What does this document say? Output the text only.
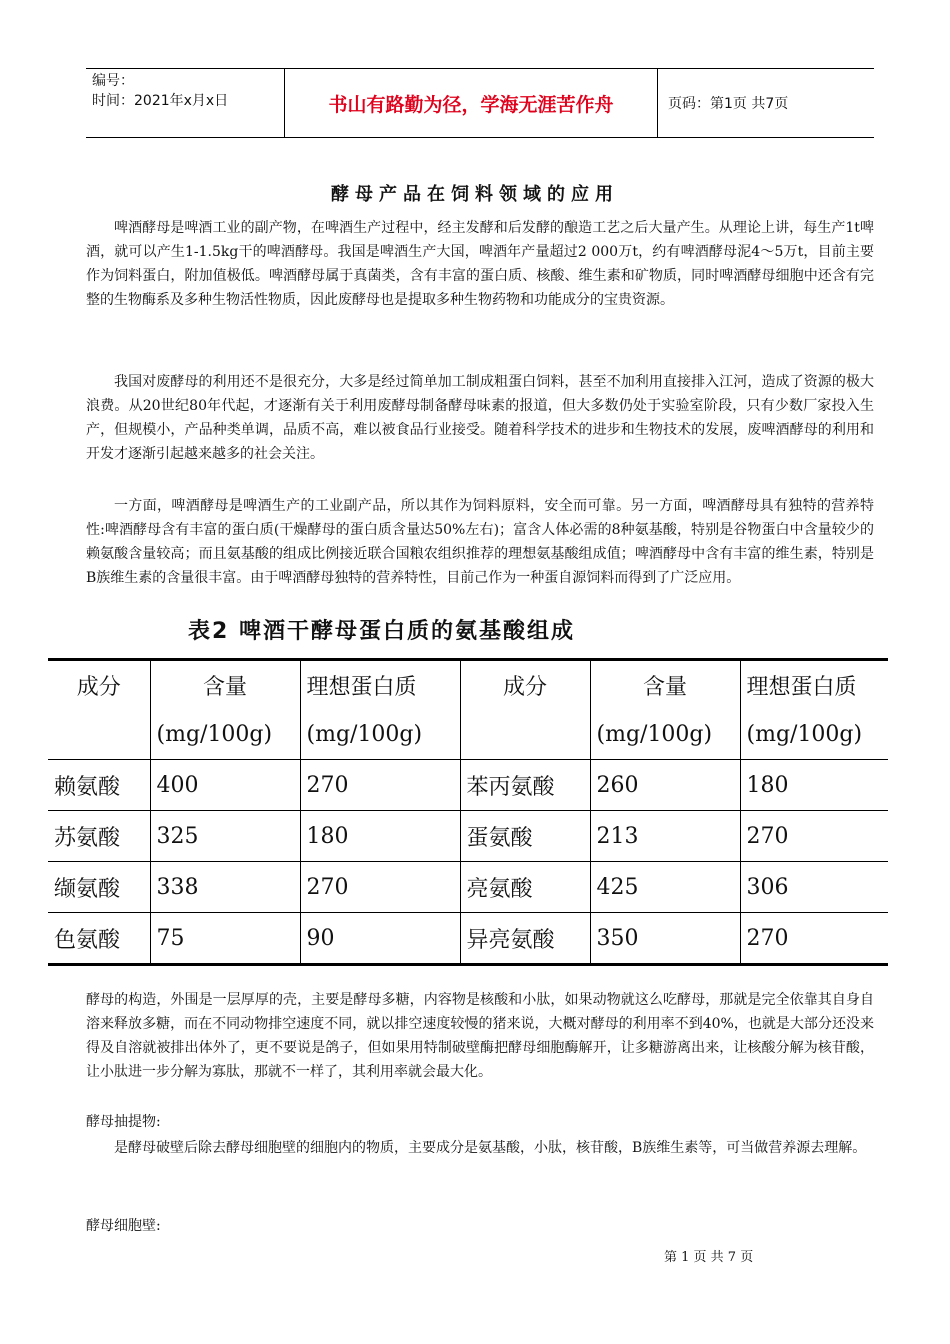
编号：
时间：2021年x月x日	书山有路勤为径，学海无涯苦作舟	页码：第1页 共7页
酵母产品在饲料领域的应用

啤酒酵母是啤酒工业的副产物，在啤酒生产过程中，经主发酵和后发酵的酿造工艺之后大量产生。从理论上讲，每生产1t啤酒，就可以产生1-1.5kg干的啤酒酵母。我国是啤酒生产大国，啤酒年产量超过2 000万t，约有啤酒酵母泥4～5万t，目前主要作为饲料蛋白，附加值极低。啤酒酵母属于真菌类，含有丰富的蛋白质、核酸、维生素和矿物质，同时啤酒酵母细胞中还含有完整的生物酶系及多种生物活性物质，因此废酵母也是提取多种生物药物和功能成分的宝贵资源。

我国对废酵母的利用还不是很充分，大多是经过简单加工制成粗蛋白饲料，甚至不加利用直接排入江河，造成了资源的极大浪费。从20世纪80年代起，才逐渐有关于利用废酵母制备酵母味素的报道，但大多数仍处于实验室阶段，只有少数厂家投入生产，但规模小，产品种类单调，品质不高，难以被食品行业接受。随着科学技术的进步和生物技术的发展，废啤酒酵母的利用和开发才逐渐引起越来越多的社会关注。

一方面，啤酒酵母是啤酒生产的工业副产品，所以其作为饲料原料，安全而可靠。另一方面，啤酒酵母具有独特的营养特性:啤酒酵母含有丰富的蛋白质(干燥酵母的蛋白质含量达50%左右)；富含人体必需的8种氨基酸，特别是谷物蛋白中含量较少的赖氨酸含量较高；而且氨基酸的组成比例接近联合国粮农组织推荐的理想氨基酸组成值；啤酒酵母中含有丰富的维生素，特别是B族维生素的含量很丰富。由于啤酒酵母独特的营养特性，目前己作为一种蛋自源饲料而得到了广泛应用。

表2 啤酒干酵母蛋白质的氨基酸组成
成分	含量	理想蛋白质	成分	含量	理想蛋白质
	(mg/100g)	(mg/100g)		(mg/100g)	(mg/100g)
赖氨酸	400	270	苯丙氨酸	260	180
苏氨酸	325	180	蛋氨酸	213	270
缬氨酸	338	270	亮氨酸	425	306
色氨酸	75	90	异亮氨酸	350	270

酵母的构造，外围是一层厚厚的壳，主要是酵母多糖，内容物是核酸和小肽，如果动物就这么吃酵母，那就是完全依靠其自身自溶来释放多糖，而在不同动物排空速度不同，就以排空速度较慢的猪来说，大概对酵母的利用率不到40%，也就是大部分还没来得及自溶就被排出体外了，更不要说是鸽子，但如果用特制破壁酶把酵母细胞酶解开，让多糖游离出来，让核酸分解为核苷酸，让小肽进一步分解为寡肽，那就不一样了，其利用率就会最大化。

酵母抽提物:

是酵母破壁后除去酵母细胞壁的细胞内的物质，主要成分是氨基酸，小肽，核苷酸，B族维生素等，可当做营养源去理解。

酵母细胞壁:

第 1 页 共 7 页
